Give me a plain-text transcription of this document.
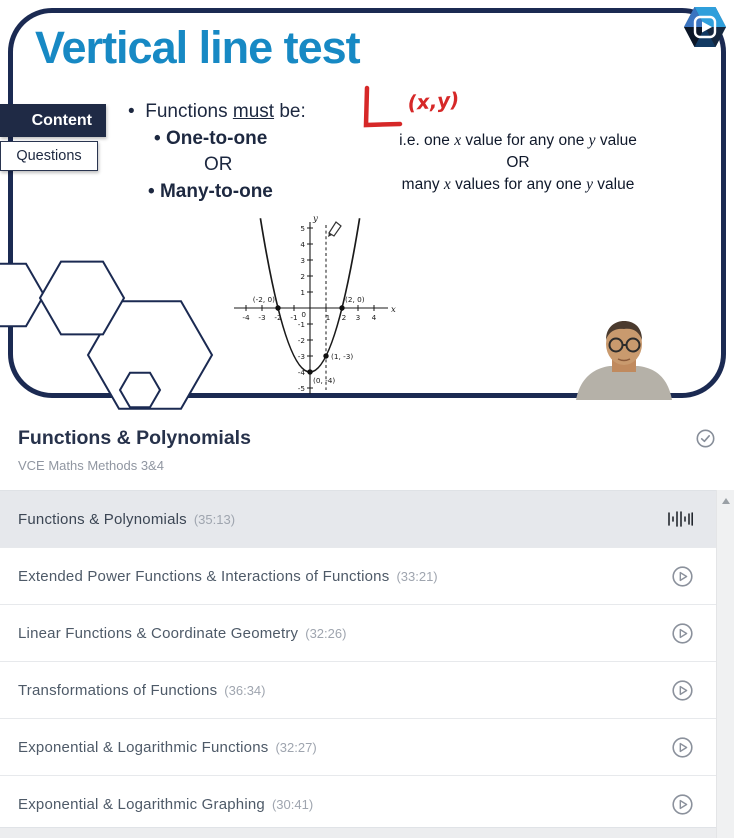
Vertical line test
Content
Questions
•  Functions must be:
• One-to-one
OR
• Many-to-one
(x,y)
i.e. one x value for any one y value
OR
many x values for any one y value
x
y
0
-4 -3 -2 -1	1 2 3 4
5
4
3
2
1
-1
-2
-3
-4
-5
(-2, 0)	(2, 0)
(1, -3)
(0, -4)
Functions & Polynomials
VCE Maths Methods 3&4
Functions & Polynomials (35:13)
Extended Power Functions & Interactions of Functions (33:21)
Linear Functions & Coordinate Geometry (32:26)
Transformations of Functions (36:34)
Exponential & Logarithmic Functions (32:27)
Exponential & Logarithmic Graphing (30:41)
